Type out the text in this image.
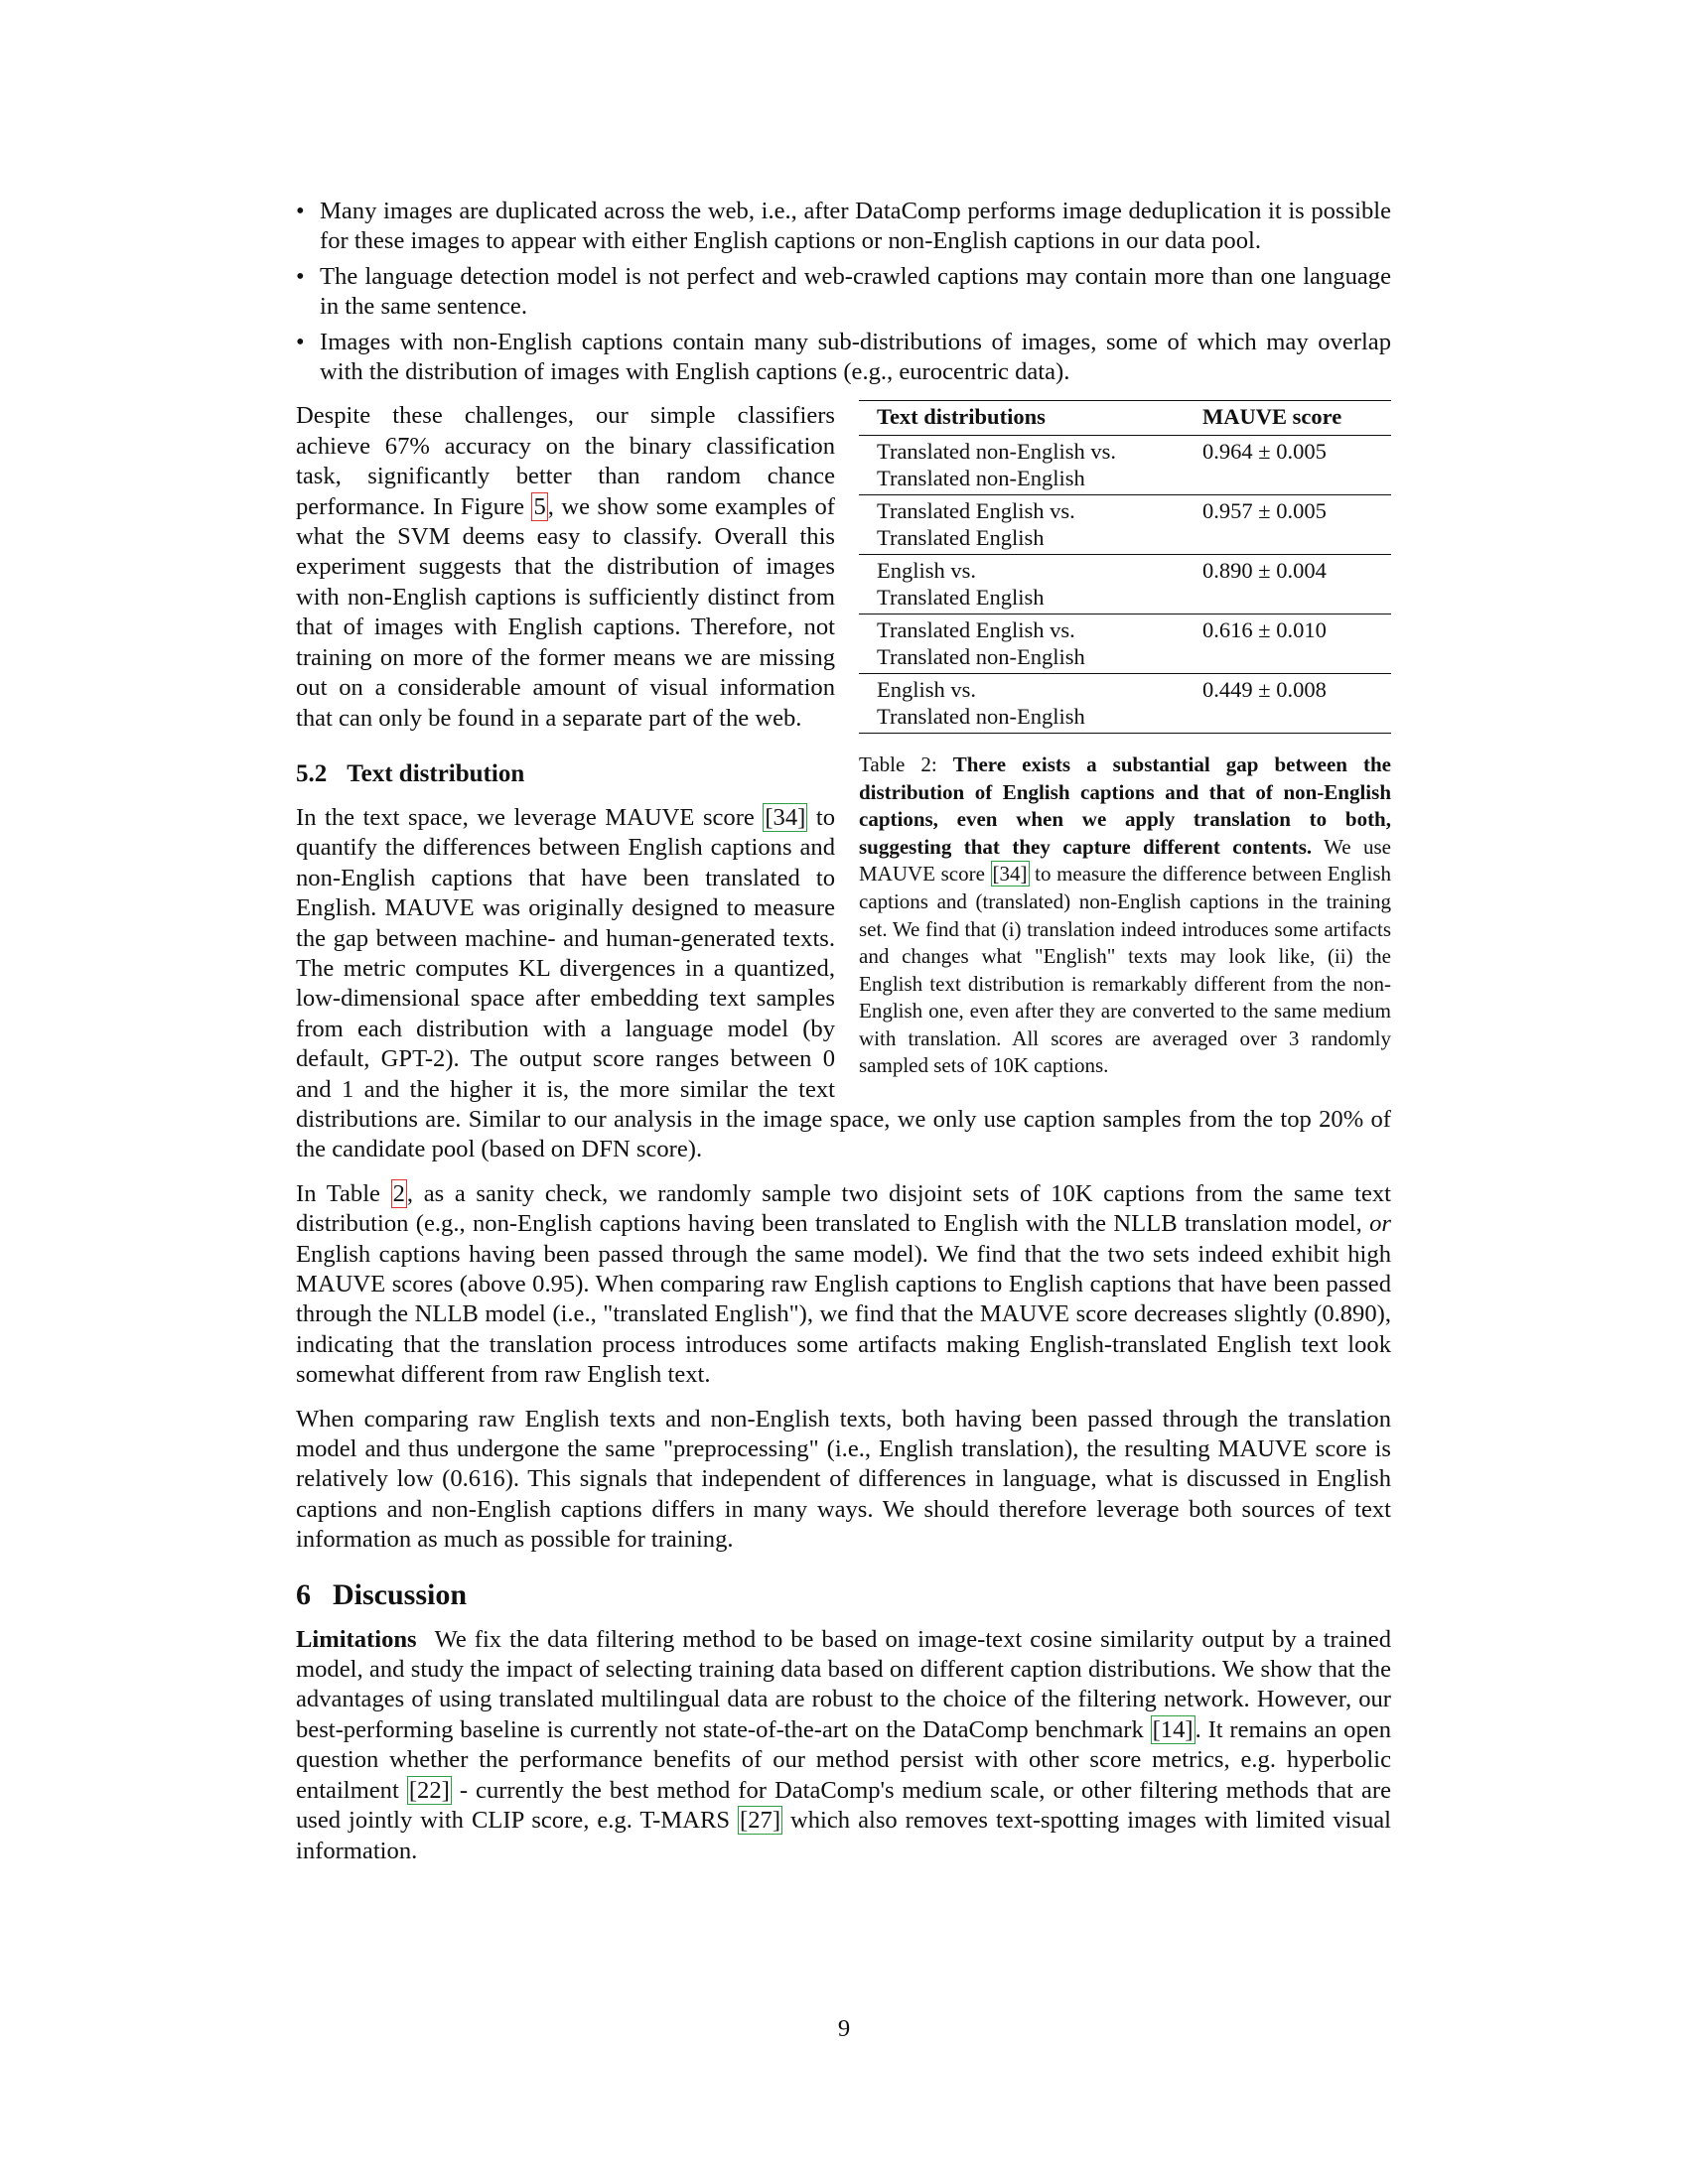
• Many images are duplicated across the web, i.e., after DataComp performs image deduplication it is possible for these images to appear with either English captions or non-English captions in our data pool.
• The language detection model is not perfect and web-crawled captions may contain more than one language in the same sentence.
• Images with non-English captions contain many sub-distributions of images, some of which may overlap with the distribution of images with English captions (e.g., eurocentric data).
Text distributions	MAUVE score
Translated non-English vs.
Translated non-English	0.964 ± 0.005
Translated English vs.
Translated English	0.957 ± 0.005
English vs.
Translated English	0.890 ± 0.004
Translated English vs.
Translated non-English	0.616 ± 0.010
English vs.
Translated non-English	0.449 ± 0.008
Table 2: There exists a substantial gap between the distribution of English captions and that of non-English captions, even when we apply translation to both, suggesting that they capture different contents. We use MAUVE score [34] to measure the difference between English captions and (translated) non-English captions in the training set. We find that (i) translation indeed introduces some artifacts and changes what "English" texts may look like, (ii) the English text distribution is remarkably different from the non-English one, even after they are converted to the same medium with translation. All scores are averaged over 3 randomly sampled sets of 10K captions.

Despite these challenges, our simple classifiers achieve 67% accuracy on the binary classification task, significantly better than random chance performance. In Figure 5, we show some examples of what the SVM deems easy to classify. Overall this experiment suggests that the distribution of images with non-English captions is sufficiently distinct from that of images with English captions. Therefore, not training on more of the former means we are missing out on a considerable amount of visual information that can only be found in a separate part of the web.

5.2 Text distribution

In the text space, we leverage MAUVE score [34] to quantify the differences between English captions and non-English captions that have been translated to English. MAUVE was originally designed to measure the gap between machine- and human-generated texts. The metric computes KL divergences in a quantized, low-dimensional space after embedding text samples from each distribution with a language model (by default, GPT-2). The output score ranges between 0 and 1 and the higher it is, the more similar the text distributions are. Similar to our analysis in the image space, we only use caption samples from the top 20% of the candidate pool (based on DFN score).

In Table 2, as a sanity check, we randomly sample two disjoint sets of 10K captions from the same text distribution (e.g., non-English captions having been translated to English with the NLLB translation model, or English captions having been passed through the same model). We find that the two sets indeed exhibit high MAUVE scores (above 0.95). When comparing raw English captions to English captions that have been passed through the NLLB model (i.e., "translated English"), we find that the MAUVE score decreases slightly (0.890), indicating that the translation process introduces some artifacts making English-translated English text look somewhat different from raw English text.

When comparing raw English texts and non-English texts, both having been passed through the translation model and thus undergone the same "preprocessing" (i.e., English translation), the resulting MAUVE score is relatively low (0.616). This signals that independent of differences in language, what is discussed in English captions and non-English captions differs in many ways. We should therefore leverage both sources of text information as much as possible for training.

6 Discussion

Limitations We fix the data filtering method to be based on image-text cosine similarity output by a trained model, and study the impact of selecting training data based on different caption distributions. We show that the advantages of using translated multilingual data are robust to the choice of the filtering network. However, our best-performing baseline is currently not state-of-the-art on the DataComp benchmark [14]. It remains an open question whether the performance benefits of our method persist with other score metrics, e.g. hyperbolic entailment [22] - currently the best method for DataComp's medium scale, or other filtering methods that are used jointly with CLIP score, e.g. T-MARS [27] which also removes text-spotting images with limited visual information.

9
